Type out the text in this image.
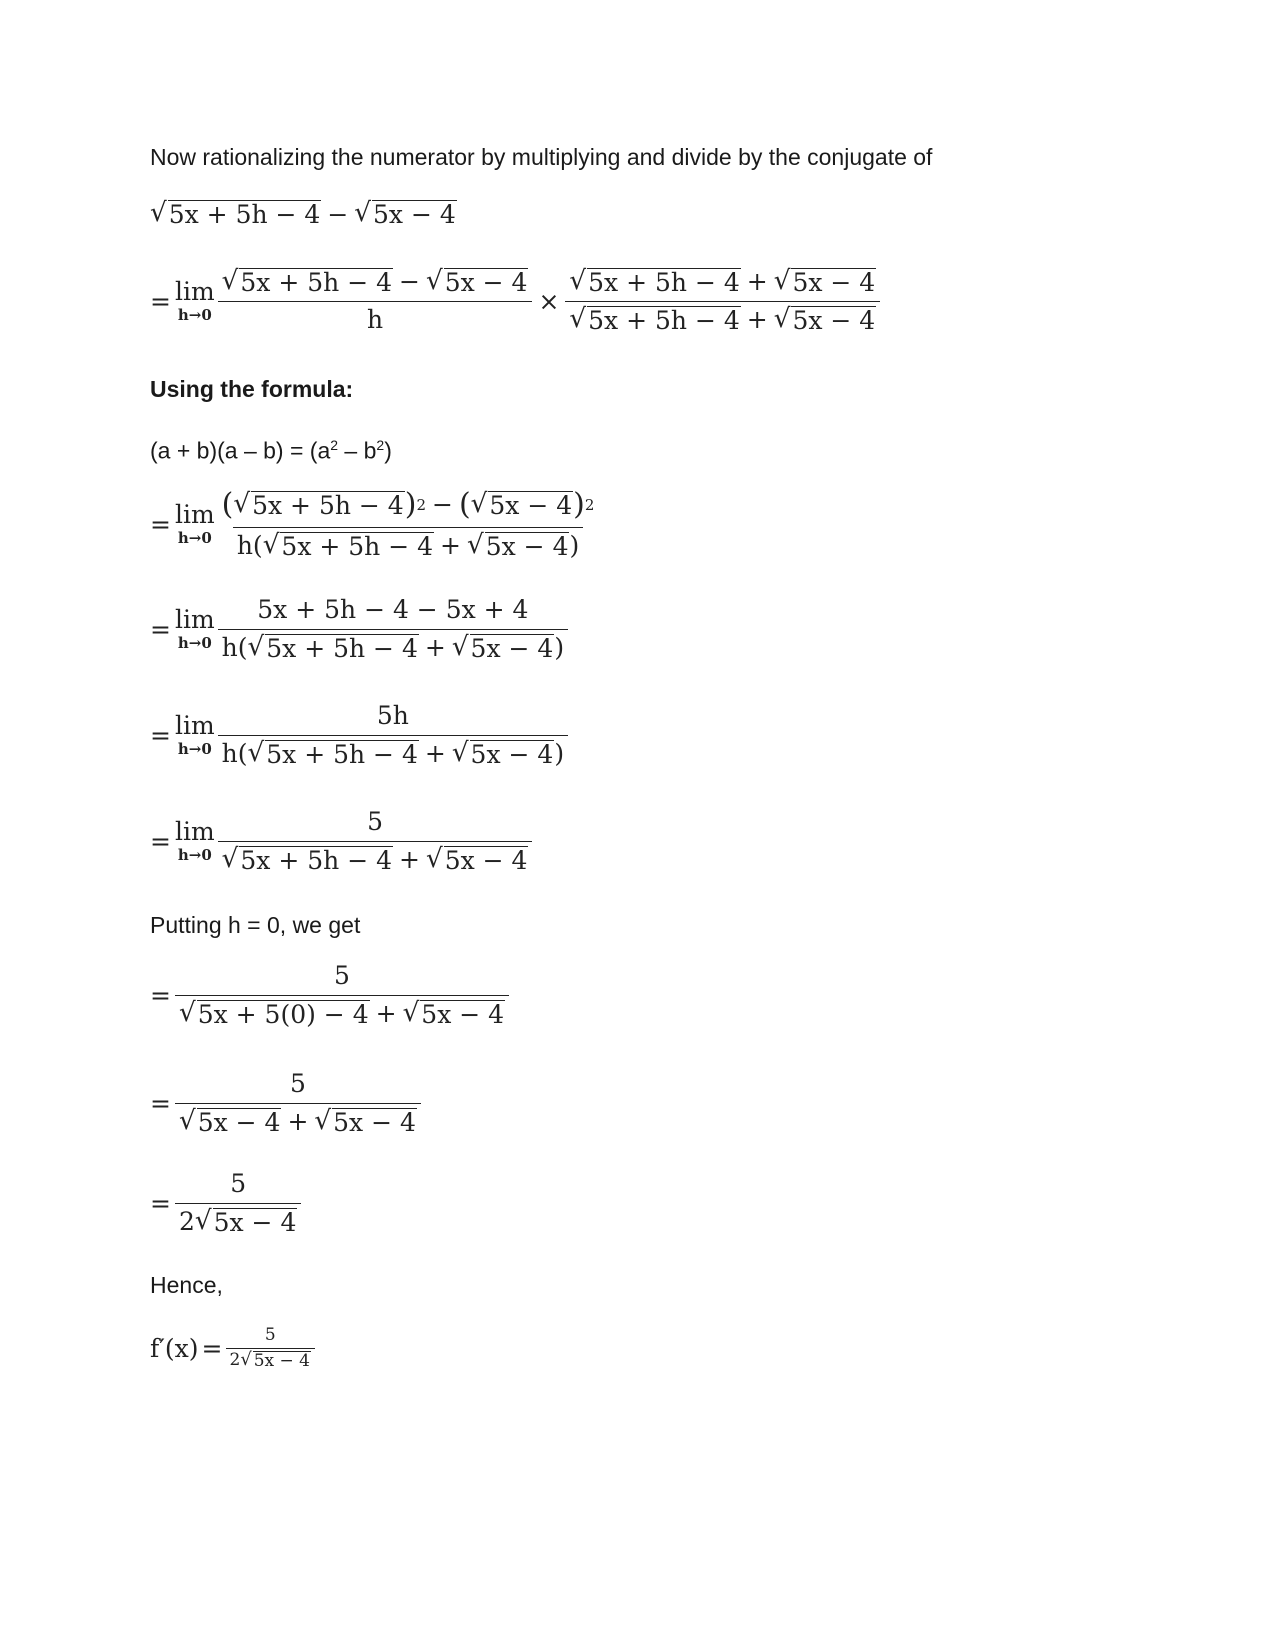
Now rationalizing the numerator by multiplying and divide by the conjugate of
√ 5x + 5h − 4 − √ 5x − 4
= lim
$h\to 0 \frac{√ 5x + 5h - 4 - √ 5x - 4}{h} \times \frac{√ 5x + 5h - 4 + √ 5x - 4}{√ 5x + 5h - 4 + √ 5x - 4}$
Using the formula:
$(a + b)(a - b) = (a^2 - b^2)$
= lim
$h\to 0 \frac{( √ 5x + 5h - 4 ) 2 - ( √ 5x - 4 ) 2}{h( √ 5x + 5h - 4 + √ 5x - 4 )}$
= lim
$h\to 0 \frac{5x + 5h - 4 - 5x + 4}{h( √ 5x + 5h - 4 + √ 5x - 4 )}$
= lim
$h\to 0 \frac{5h}{h( √ 5x + 5h - 4 + √ 5x - 4 )}$
= lim
$h\to 0 \frac{5}{√ 5x + 5h - 4 + √ 5x - 4}$
Putting h = 0, we get
= $\frac{5}{√ 5x + 5(0) - 4 + √ 5x - 4}$
= $\frac{5}{√ 5x - 4 + √ 5x - 4}$
= $\frac{5}{2 √ 5x - 4}$
Hence,
$f'(x) = \frac{5}{2 √ 5x - 4}$
